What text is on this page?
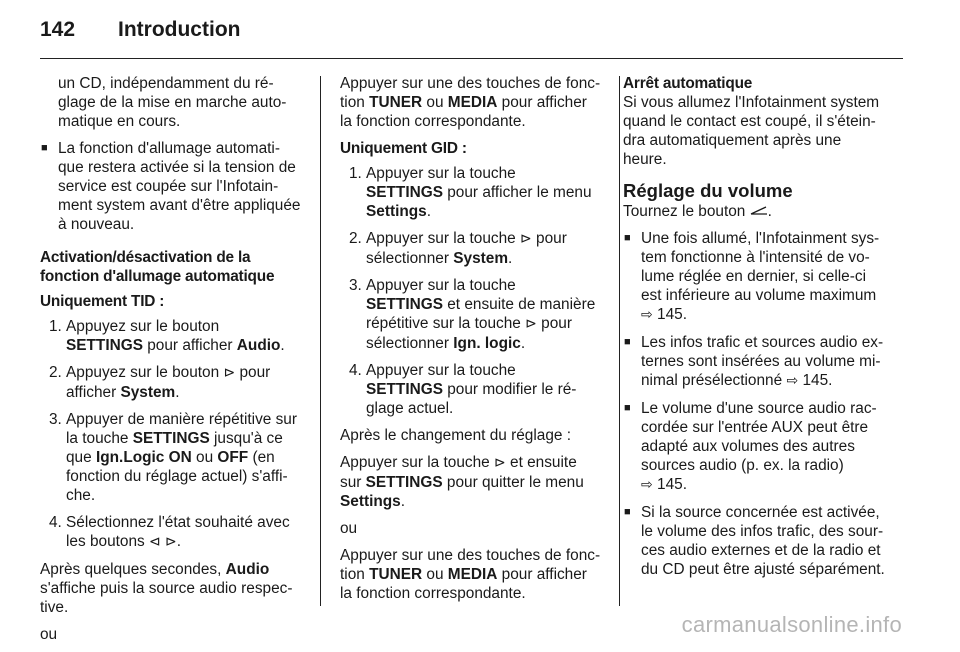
142 Introduction
un CD, indépendamment du ré-
glage de la mise en marche auto-
matique en cours.
■ La fonction d'allumage automati-
que restera activée si la tension de
service est coupée sur l'Infotain-
ment system avant d'être appliquée
à nouveau.
Activation/désactivation de la
fonction d'allumage automatique
Uniquement TID :
1. Appuyez sur le bouton
SETTINGS pour afficher Audio.
2. Appuyez sur le bouton ⊳ pour
afficher System.
3. Appuyer de manière répétitive sur
la touche SETTINGS jusqu'à ce
que Ign.Logic ON ou OFF (en
fonction du réglage actuel) s'affi-
che.
4. Sélectionnez l'état souhaité avec
les boutons ⊲ ⊳.

Après quelques secondes, Audio
s'affiche puis la source audio respec-
tive.

ou

Appuyer sur une des touches de fonc-
tion TUNER ou MEDIA pour afficher
la fonction correspondante.

Uniquement GID :
1. Appuyer sur la touche
SETTINGS pour afficher le menu
Settings.
2. Appuyer sur la touche ⊳ pour
sélectionner System.
3. Appuyer sur la touche
SETTINGS et ensuite de manière
répétitive sur la touche ⊳ pour
sélectionner Ign. logic.
4. Appuyer sur la touche
SETTINGS pour modifier le ré-
glage actuel.

Après le changement du réglage :

Appuyer sur la touche ⊳ et ensuite
sur SETTINGS pour quitter le menu
Settings.

ou

Appuyer sur une des touches de fonc-
tion TUNER ou MEDIA pour afficher
la fonction correspondante.

Arrêt automatique

Si vous allumez l'Infotainment system
quand le contact est coupé, il s'étein-
dra automatiquement après une
heure.

Réglage du volume

Tournez le bouton .

■ Une fois allumé, l'Infotainment sys-
tem fonctionne à l'intensité de vo-
lume réglée en dernier, si celle-ci
est inférieure au volume maximum
⇨ 145.
■ Les infos trafic et sources audio ex-
ternes sont insérées au volume mi-
nimal présélectionné ⇨ 145.
■ Le volume d'une source audio rac-
cordée sur l'entrée AUX peut être
adapté aux volumes des autres
sources audio (p. ex. la radio)
⇨ 145.
■ Si la source concernée est activée,
le volume des infos trafic, des sour-
ces audio externes et de la radio et
du CD peut être ajusté séparément.
carmanualsonline.info
